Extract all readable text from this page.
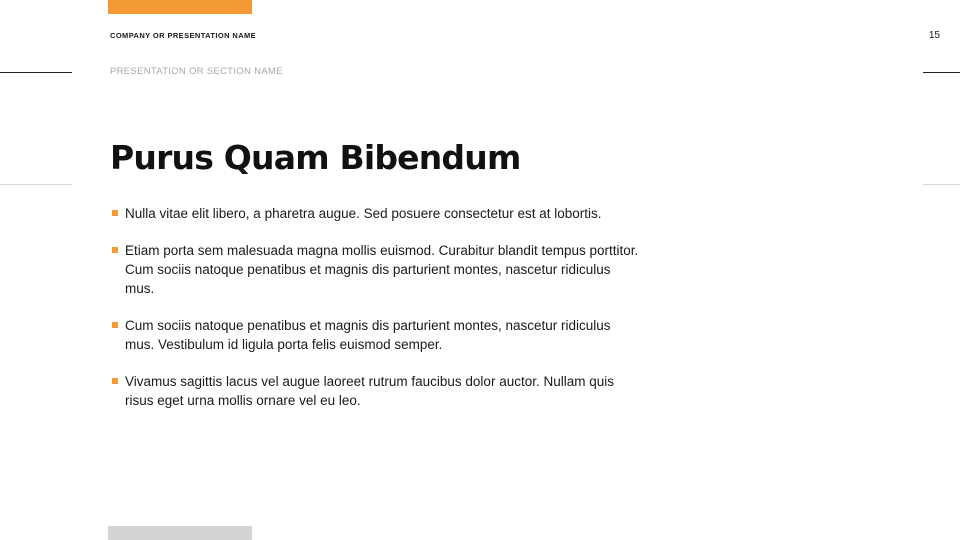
COMPANY OR PRESENTATION NAME	15
PRESENTATION OR SECTION NAME
Purus Quam Bibendum
Nulla vitae elit libero, a pharetra augue. Sed posuere consectetur est at lobortis.
Etiam porta sem malesuada magna mollis euismod. Curabitur blandit tempus porttitor. Cum sociis natoque penatibus et magnis dis parturient montes, nascetur ridiculus mus.
Cum sociis natoque penatibus et magnis dis parturient montes, nascetur ridiculus mus. Vestibulum id ligula porta felis euismod semper.
Vivamus sagittis lacus vel augue laoreet rutrum faucibus dolor auctor. Nullam quis risus eget urna mollis ornare vel eu leo.
